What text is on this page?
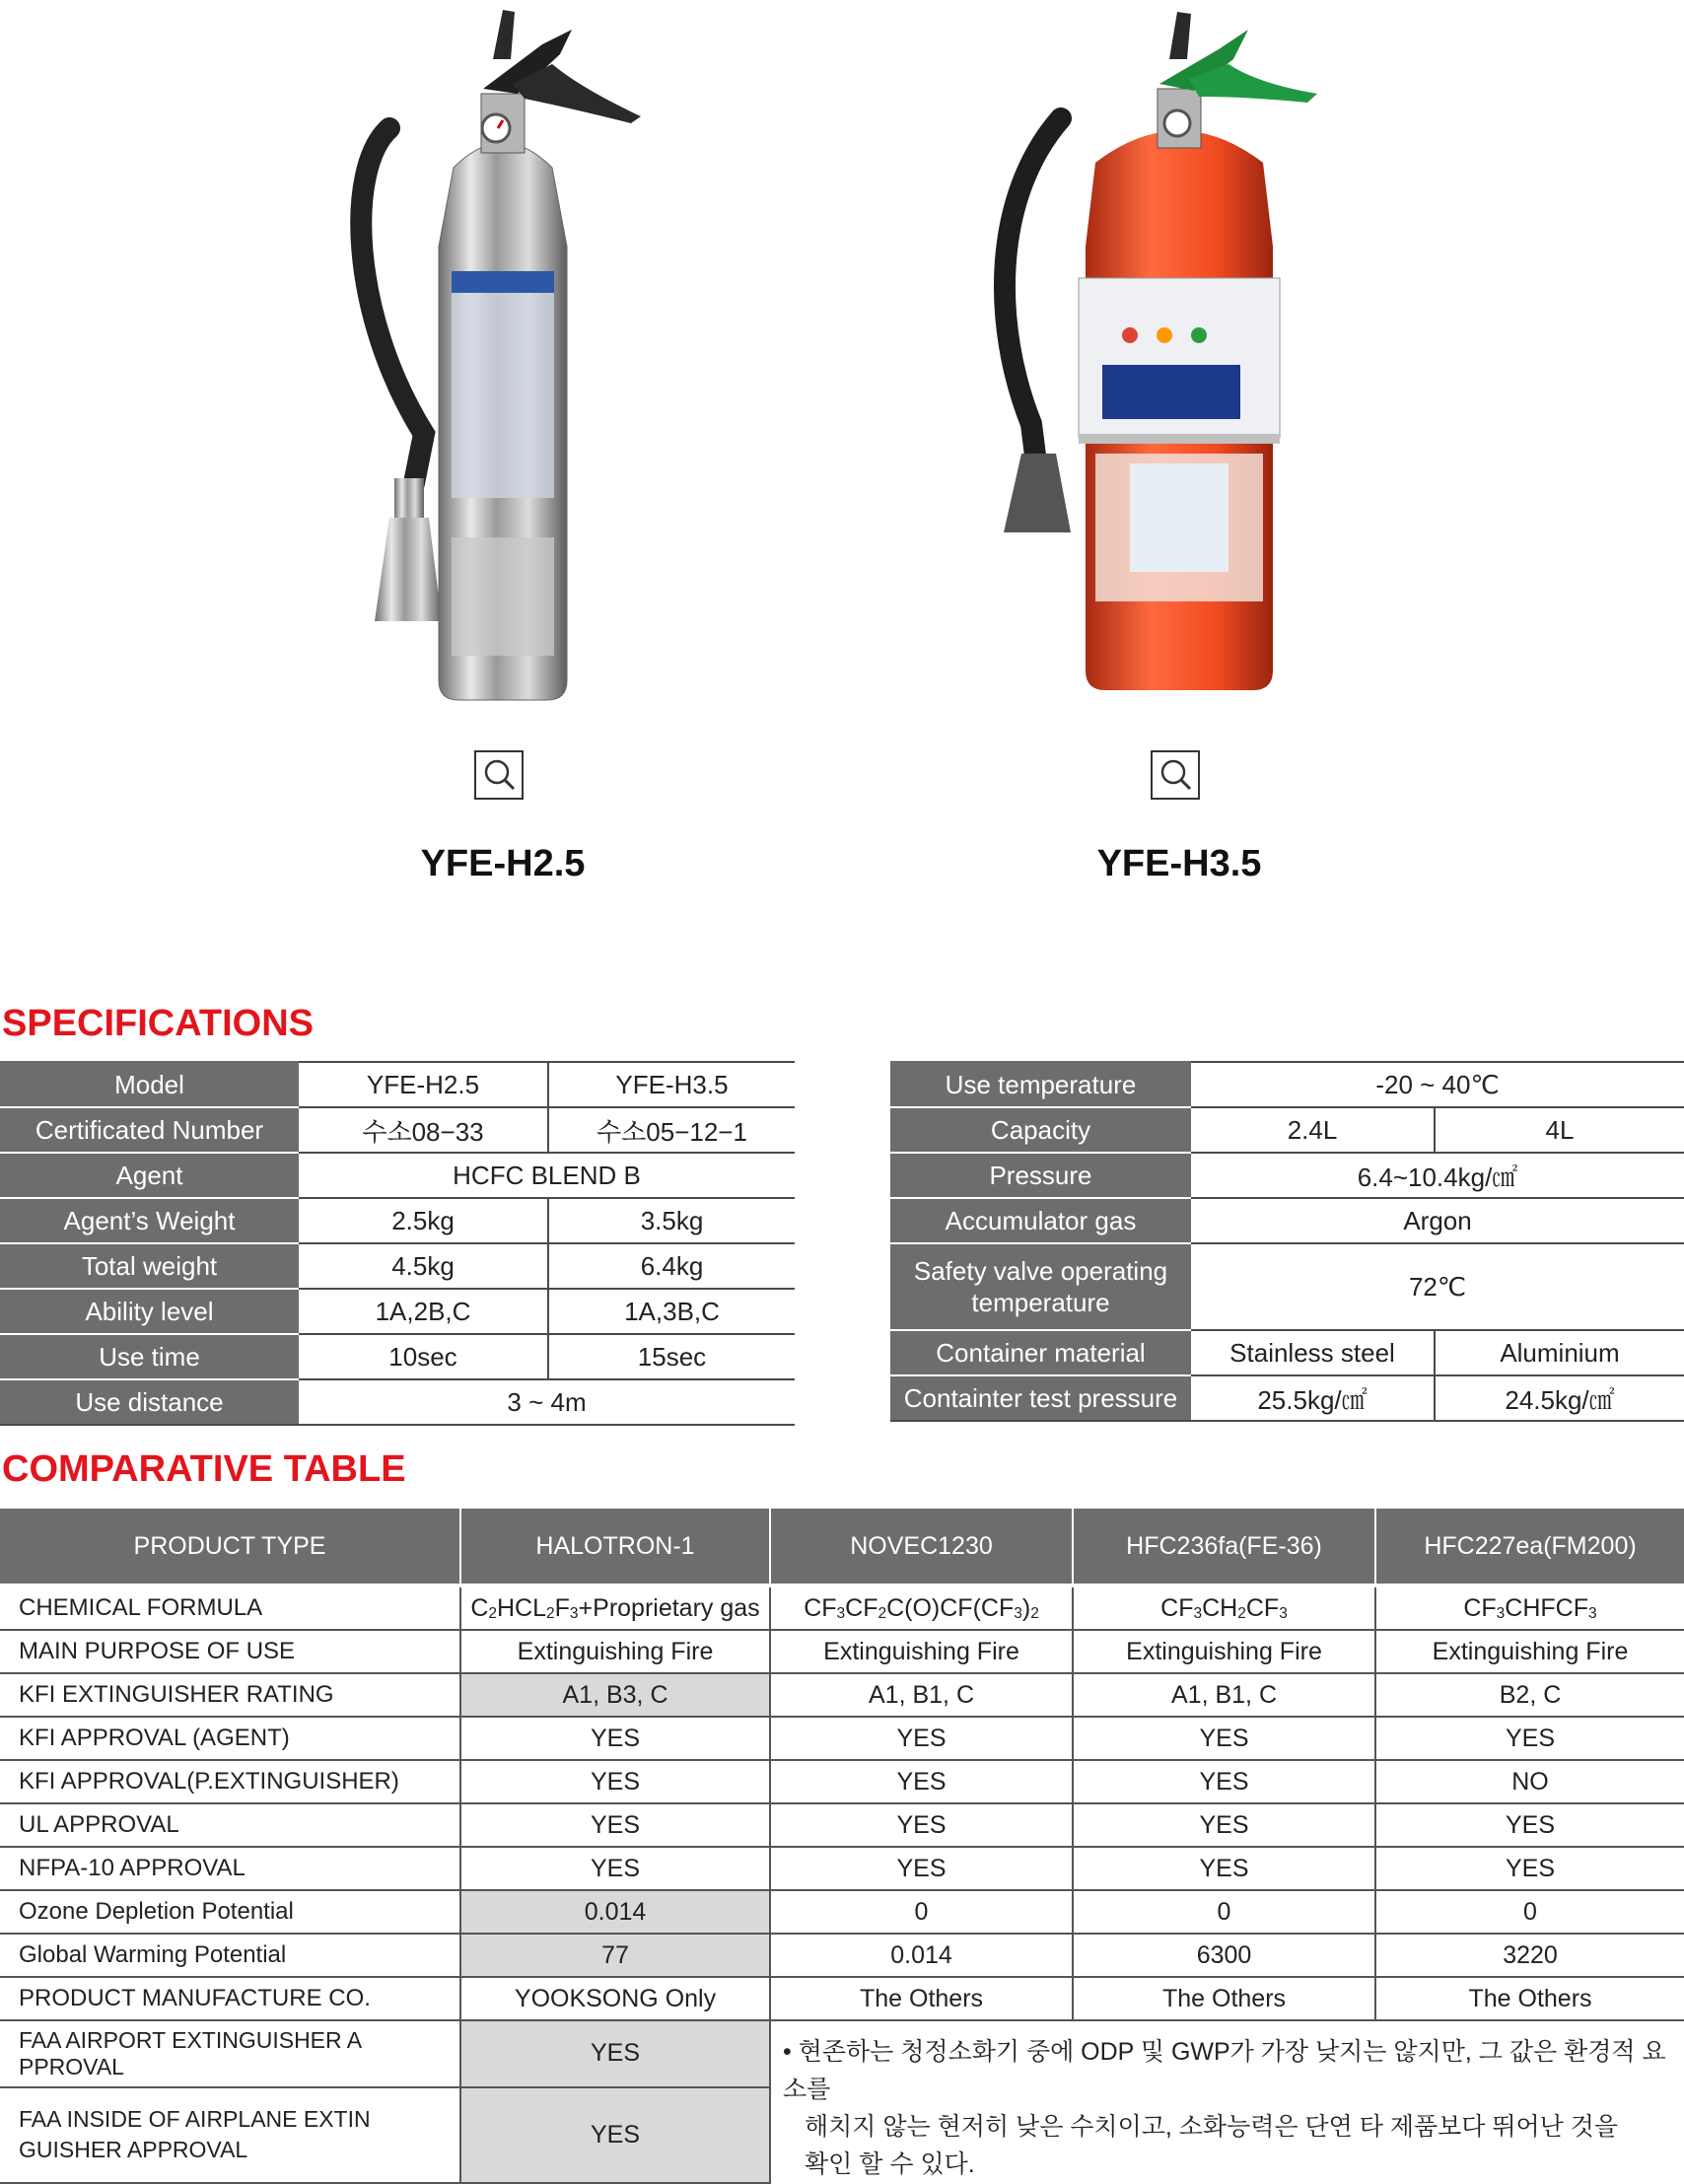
YFE-H2.5	YFE-H3.5
SPECIFICATIONS
Model	YFE-H2.5	YFE-H3.5
Certificated Number	수소08−33	수소05−12−1
Agent	HCFC BLEND B	
Agent’s Weight	2.5kg	3.5kg
Total weight	4.5kg	6.4kg
Ability level	1A,2B,C	1A,3B,C
Use time	10sec	15sec
Use distance	3 ~ 4m	
Use temperature	-20 ~ 40℃	
Capacity	2.4L	4L
Pressure	6.4~10.4kg/㎠	
Accumulator gas	Argon	
Safety valve operating
temperature	72℃	
Container material	Stainless steel	Aluminium
Containter test pressure	25.5kg/㎠	24.5kg/㎠
COMPARATIVE TABLE
PRODUCT TYPE	HALOTRON-1	NOVEC1230	HFC236fa(FE-36)	HFC227ea(FM200)
CHEMICAL FORMULA	$C_2HCL_2F_3+Proprietary$ gas	$CF_3CF_2C(O)CF(CF_3)_2$	$CF_3CH_2CF_3$	$CF_3CHFCF_3$
MAIN PURPOSE OF USE	Extinguishing Fire	Extinguishing Fire	Extinguishing Fire	Extinguishing Fire
KFI EXTINGUISHER RATING	A1, B3, C	A1, B1, C	A1, B1, C	B2, C
KFI APPROVAL (AGENT)	YES	YES	YES	YES
KFI APPROVAL(P.EXTINGUISHER)	YES	YES	YES	NO
UL APPROVAL	YES	YES	YES	YES
NFPA-10 APPROVAL	YES	YES	YES	YES
Ozone Depletion Potential	0.014	0	0	0
Global Warming Potential	77	0.014	6300	3220
PRODUCT MANUFACTURE CO.	YOOKSONG Only	The Others	The Others	The Others
FAA AIRPORT EXTINGUISHER A PPROVAL	YES	• 현존하는 청정소화기 중에 ODP 및 GWP가 가장 낮지는 않지만, 그 값은 환경적 요소를
해치지 않는 현저히 낮은 수치이고, 소화능력은 단연 타 제품보다 뛰어난 것을
확인 할 수 있다.		

FAA INSIDE OF AIRPLANE EXTIN
GUISHER APPROVAL	YES			
